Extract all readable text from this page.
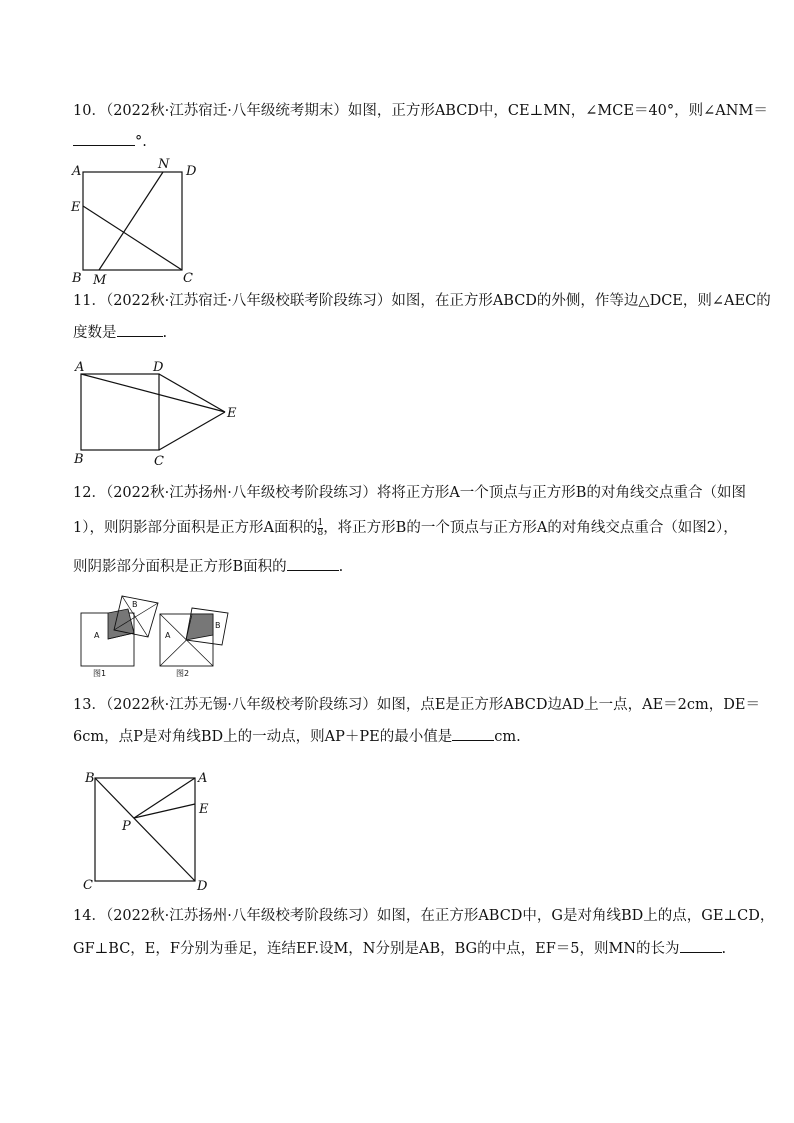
10．（2022秋·江苏宿迁·八年级统考期末）如图，正方形ABCD中，CE⊥MN，∠MCE＝40°，则∠ANM＝
°.
A	D
N
E
B M	C
11．（2022秋·江苏宿迁·八年级校联考阶段练习）如图，在正方形ABCD的外侧，作等边△DCE，则∠AEC的
度数是	.
A	D
E
B	C
12．（2022秋·江苏扬州·八年级校考阶段练习）将将正方形A一个顶点与正方形B的对角线交点重合（如图
1），则阴影部分面积是正方形A面积的 $\frac{1}{8}$ ，将正方形B的一个顶点与正方形A的对角线交点重合（如图2），
则阴影部分面积是正方形B面积的	.
A
B
图1
A
B
图2
13．（2022秋·江苏无锡·八年级校考阶段练习）如图，点E是正方形ABCD边AD上一点，AE＝2cm，DE＝
6cm，点P是对角线BD上的一动点，则AP＋PE的最小值是	cm.
B	A
E
P
C	D
14．（2022秋·江苏扬州·八年级校考阶段练习）如图，在正方形ABCD中，G是对角线BD上的点，GE⊥CD，
GF⊥BC，E，F分别为垂足，连结EF.设M，N分别是AB，BG的中点，EF＝5，则MN的长为	.
